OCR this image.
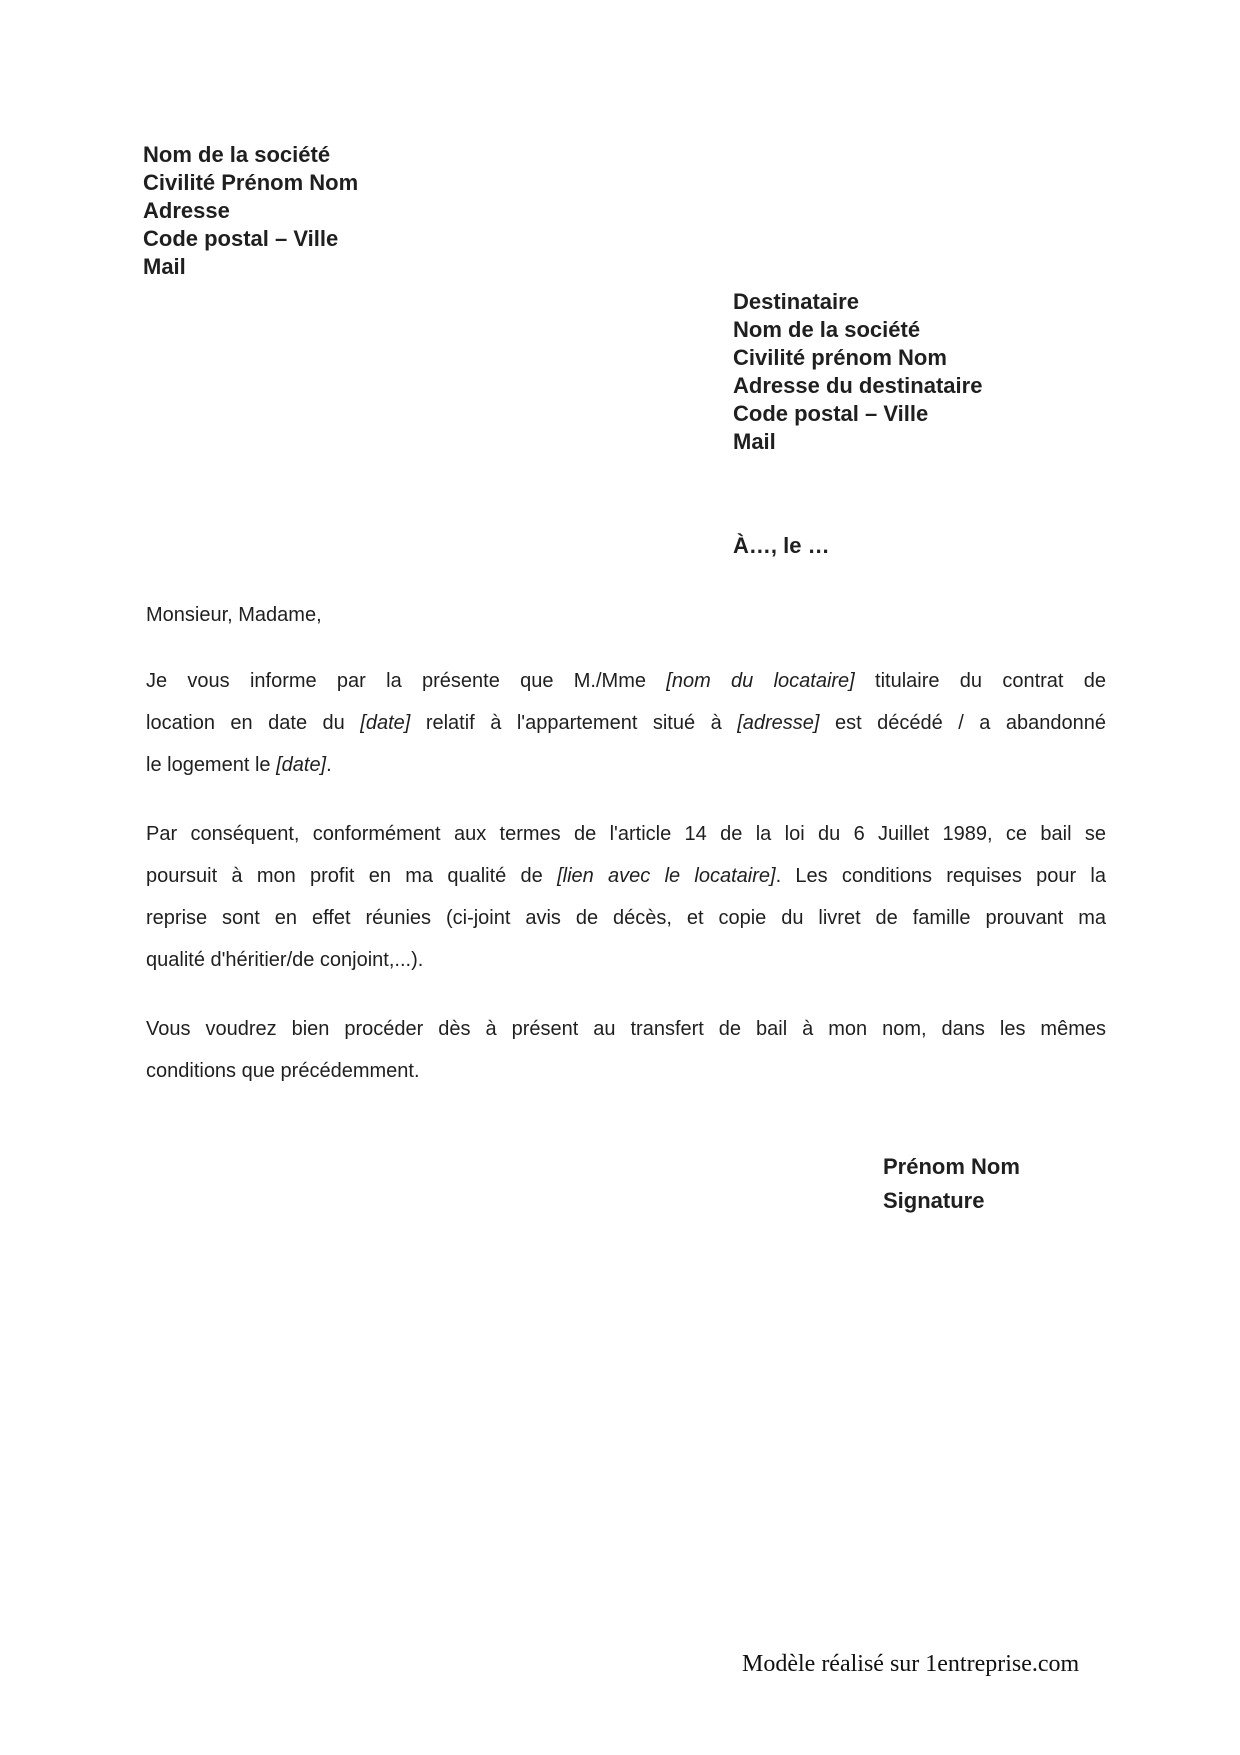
Nom de la société
Civilité Prénom Nom
Adresse
Code postal – Ville
Mail
Destinataire
Nom de la société
Civilité prénom Nom
Adresse du destinataire
Code postal – Ville
Mail
À…, le …
Monsieur, Madame,
Je vous informe par la présente que M./Mme [nom du locataire] titulaire du contrat de
location en date du [date] relatif à l'appartement situé à [adresse] est décédé / a abandonné
le logement le [date].
Par conséquent, conformément aux termes de l'article 14 de la loi du 6 Juillet 1989, ce bail se
poursuit à mon profit en ma qualité de [lien avec le locataire]. Les conditions requises pour la
reprise sont en effet réunies (ci-joint avis de décès, et copie du livret de famille prouvant ma
qualité d'héritier/de conjoint,...).
Vous voudrez bien procéder dès à présent au transfert de bail à mon nom, dans les mêmes
conditions que précédemment.
Prénom Nom
Signature
Modèle réalisé sur 1entreprise.com
